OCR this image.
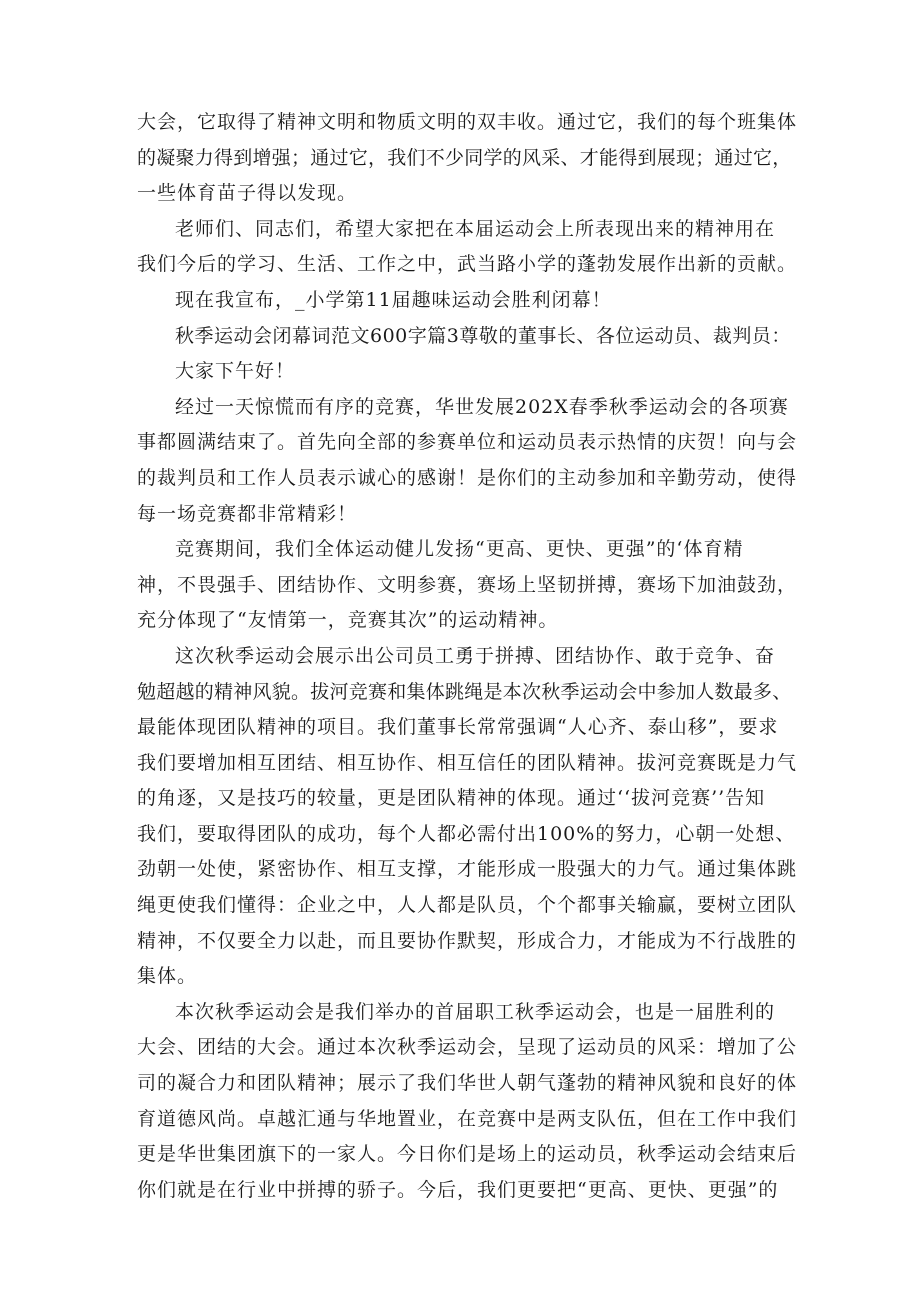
大会，它取得了精神文明和物质文明的双丰收。通过它，我们的每个班集体
的凝聚力得到增强；通过它，我们不少同学的风采、才能得到展现；通过它，
一些体育苗子得以发现。
老师们、同志们，希望大家把在本届运动会上所表现出来的精神用在
我们今后的学习、生活、工作之中，武当路小学的蓬勃发展作出新的贡献。
现在我宣布，_小学第11届趣味运动会胜利闭幕！
秋季运动会闭幕词范文600字篇3尊敬的董事长、各位运动员、裁判员：
大家下午好！
经过一天惊慌而有序的竞赛，华世发展202X春季秋季运动会的各项赛
事都圆满结束了。首先向全部的参赛单位和运动员表示热情的庆贺！向与会
的裁判员和工作人员表示诚心的感谢！是你们的主动参加和辛勤劳动，使得
每一场竞赛都非常精彩！
竞赛期间，我们全体运动健儿发扬“更高、更快、更强”的‘体育精
神，不畏强手、团结协作、文明参赛，赛场上坚韧拼搏，赛场下加油鼓劲，
充分体现了“友情第一，竞赛其次”的运动精神。
这次秋季运动会展示出公司员工勇于拼搏、团结协作、敢于竞争、奋
勉超越的精神风貌。拔河竞赛和集体跳绳是本次秋季运动会中参加人数最多、
最能体现团队精神的项目。我们董事长常常强调“人心齐、泰山移”，要求
我们要增加相互团结、相互协作、相互信任的团队精神。拔河竞赛既是力气
的角逐，又是技巧的较量，更是团队精神的体现。通过‘‘拔河竞赛’’告知
我们，要取得团队的成功，每个人都必需付出100%的努力，心朝一处想、
劲朝一处使，紧密协作、相互支撑，才能形成一股强大的力气。通过集体跳
绳更使我们懂得：企业之中，人人都是队员，个个都事关输赢，要树立团队
精神，不仅要全力以赴，而且要协作默契，形成合力，才能成为不行战胜的
集体。
本次秋季运动会是我们举办的首届职工秋季运动会，也是一届胜利的
大会、团结的大会。通过本次秋季运动会，呈现了运动员的风采：增加了公
司的凝合力和团队精神；展示了我们华世人朝气蓬勃的精神风貌和良好的体
育道德风尚。卓越汇通与华地置业，在竞赛中是两支队伍，但在工作中我们
更是华世集团旗下的一家人。今日你们是场上的运动员，秋季运动会结束后
你们就是在行业中拼搏的骄子。今后，我们更要把“更高、更快、更强”的
